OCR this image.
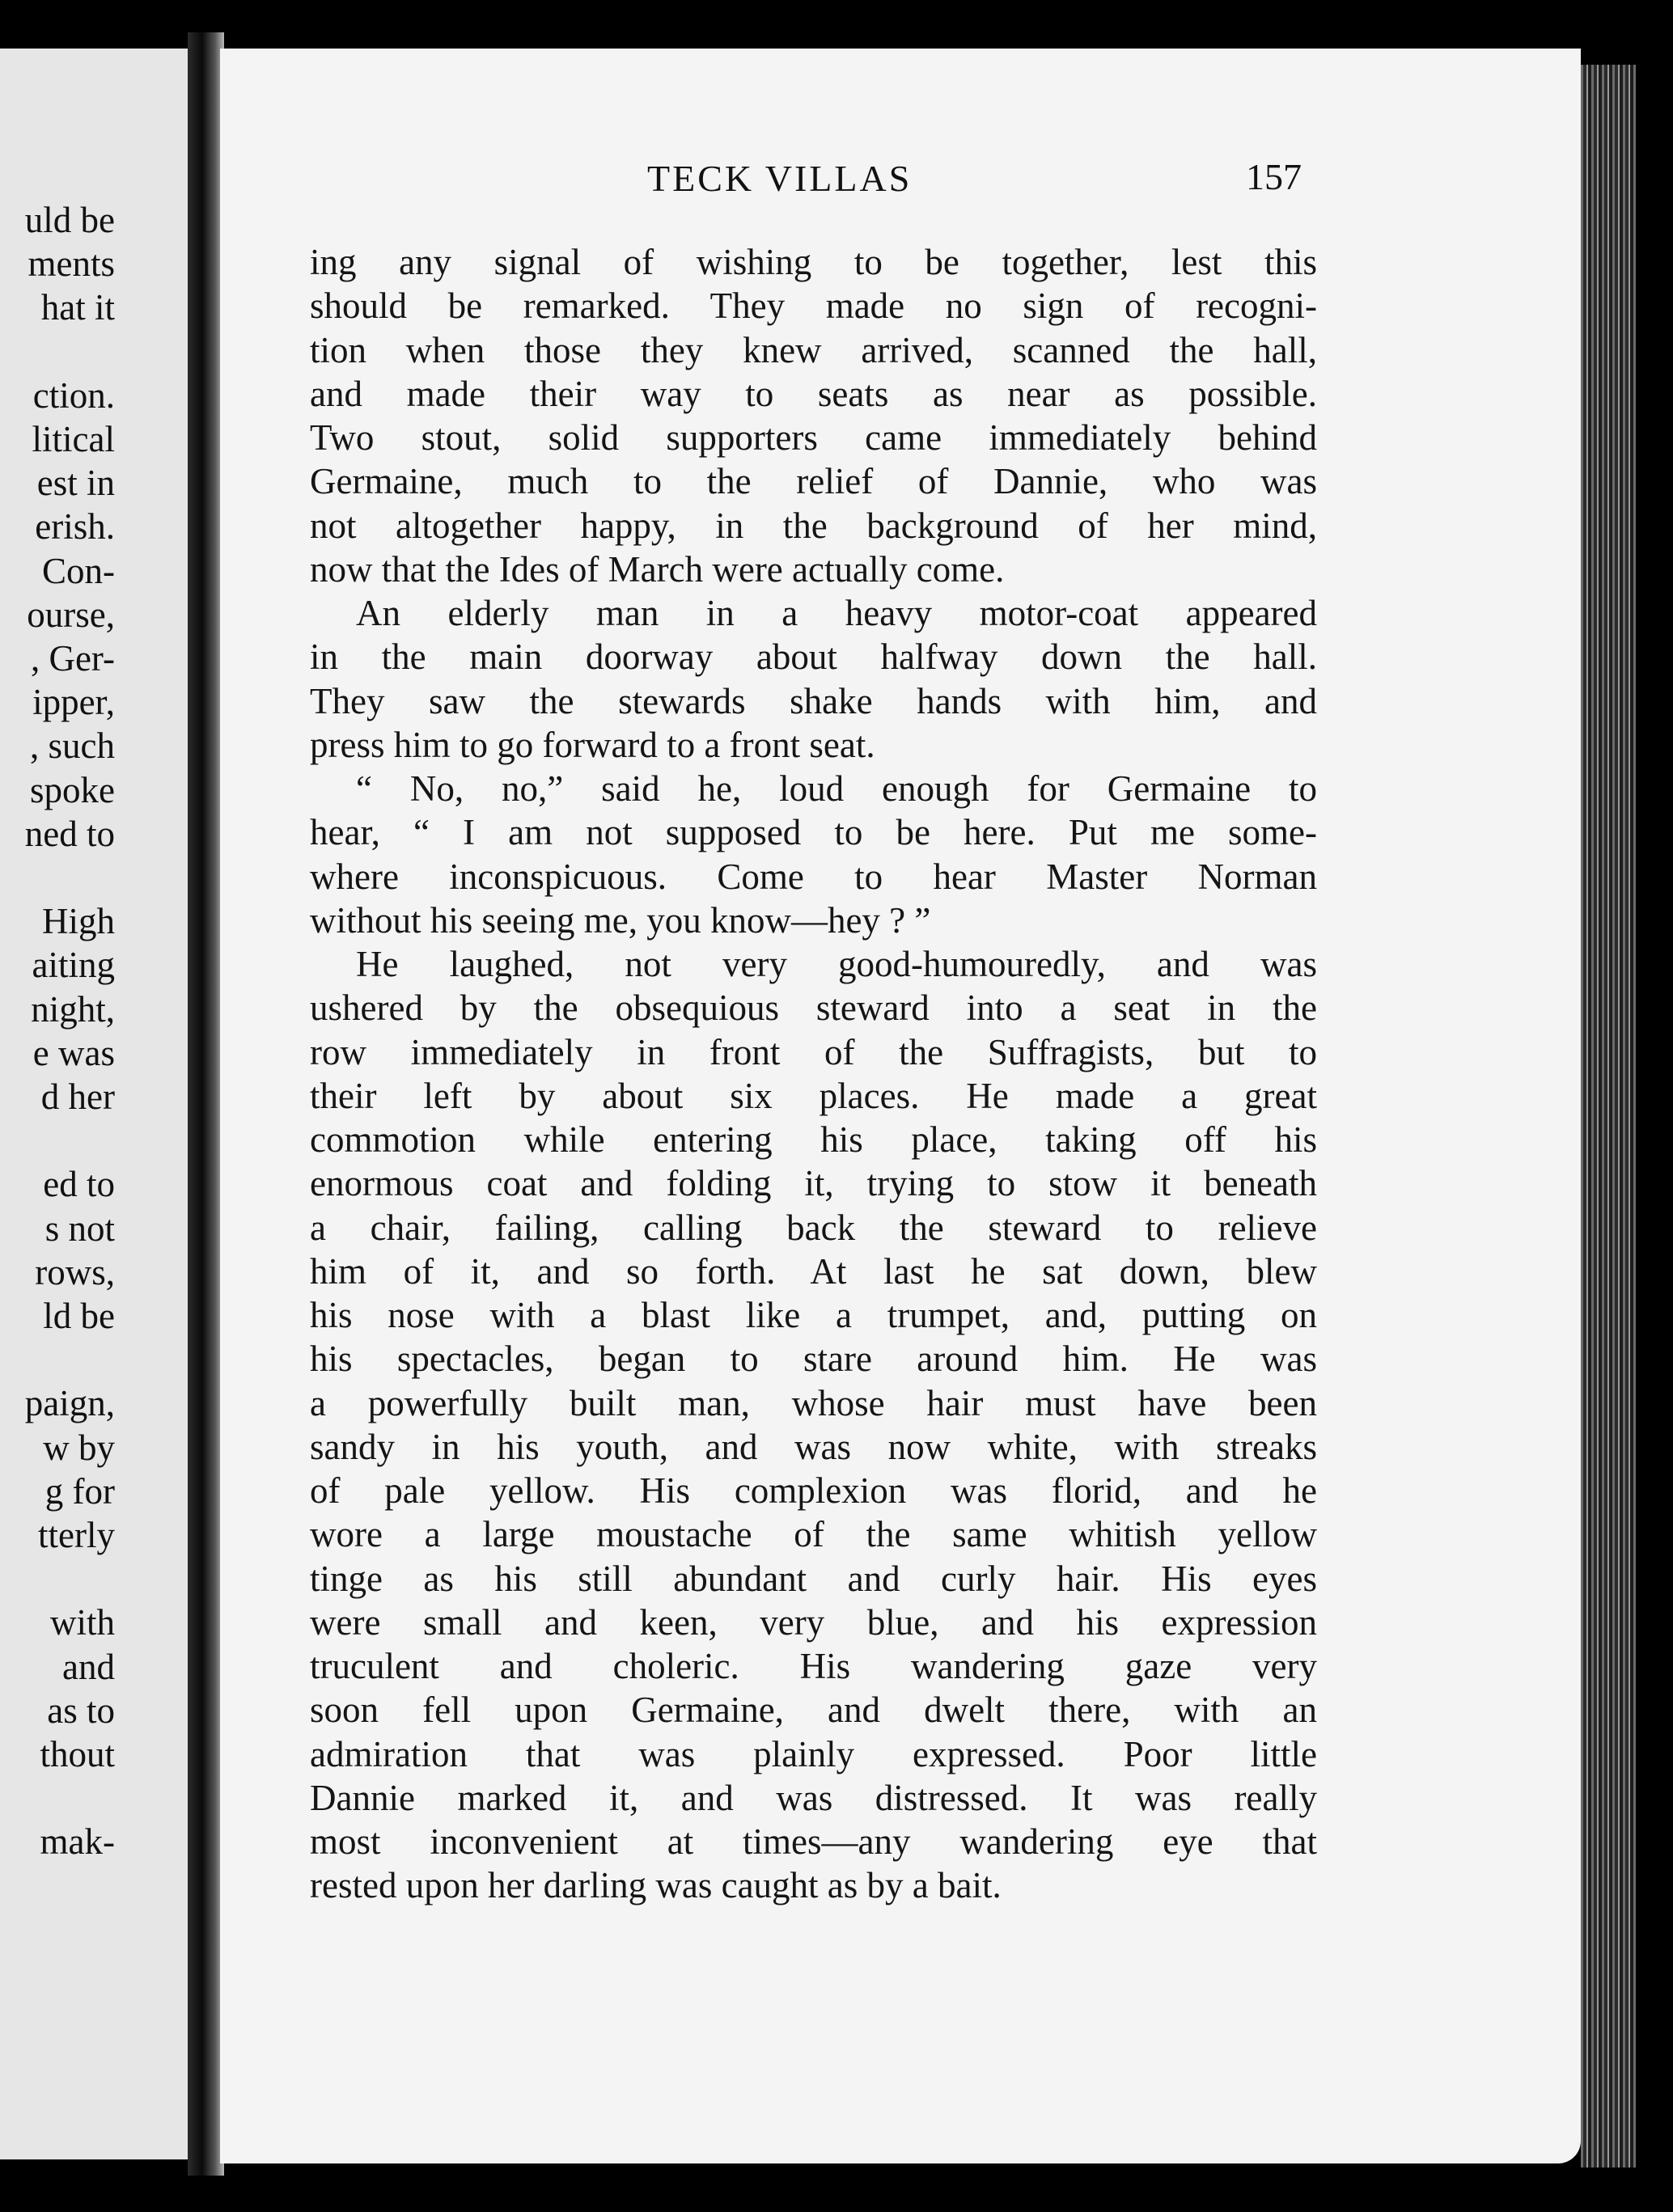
uld be
ments
hat it
ction.
litical
est in
erish.
Con-
ourse,
, Ger-
ipper,
, such
spoke
ned to
High
aiting
night,
e was
d her
ed to
s not
rows,
ld be
paign,
w by
g for
tterly
with
and
as to
thout
mak-
TECK VILLAS	157
ing any signal of wishing to be together, lest this
should be remarked. They made no sign of recogni-
tion when those they knew arrived, scanned the hall,
and made their way to seats as near as possible.
Two stout, solid supporters came immediately behind
Germaine, much to the relief of Dannie, who was
not altogether happy, in the background of her mind,
now that the Ides of March were actually come.
An elderly man in a heavy motor-coat appeared
in the main doorway about halfway down the hall.
They saw the stewards shake hands with him, and
press him to go forward to a front seat.
“ No, no,” said he, loud enough for Germaine to
hear, “ I am not supposed to be here. Put me some-
where inconspicuous. Come to hear Master Norman
without his seeing me, you know—hey ? ”
He laughed, not very good-humouredly, and was
ushered by the obsequious steward into a seat in the
row immediately in front of the Suffragists, but to
their left by about six places. He made a great
commotion while entering his place, taking off his
enormous coat and folding it, trying to stow it beneath
a chair, failing, calling back the steward to relieve
him of it, and so forth. At last he sat down, blew
his nose with a blast like a trumpet, and, putting on
his spectacles, began to stare around him. He was
a powerfully built man, whose hair must have been
sandy in his youth, and was now white, with streaks
of pale yellow. His complexion was florid, and he
wore a large moustache of the same whitish yellow
tinge as his still abundant and curly hair. His eyes
were small and keen, very blue, and his expression
truculent and choleric. His wandering gaze very
soon fell upon Germaine, and dwelt there, with an
admiration that was plainly expressed. Poor little
Dannie marked it, and was distressed. It was really
most inconvenient at times—any wandering eye that
rested upon her darling was caught as by a bait.
